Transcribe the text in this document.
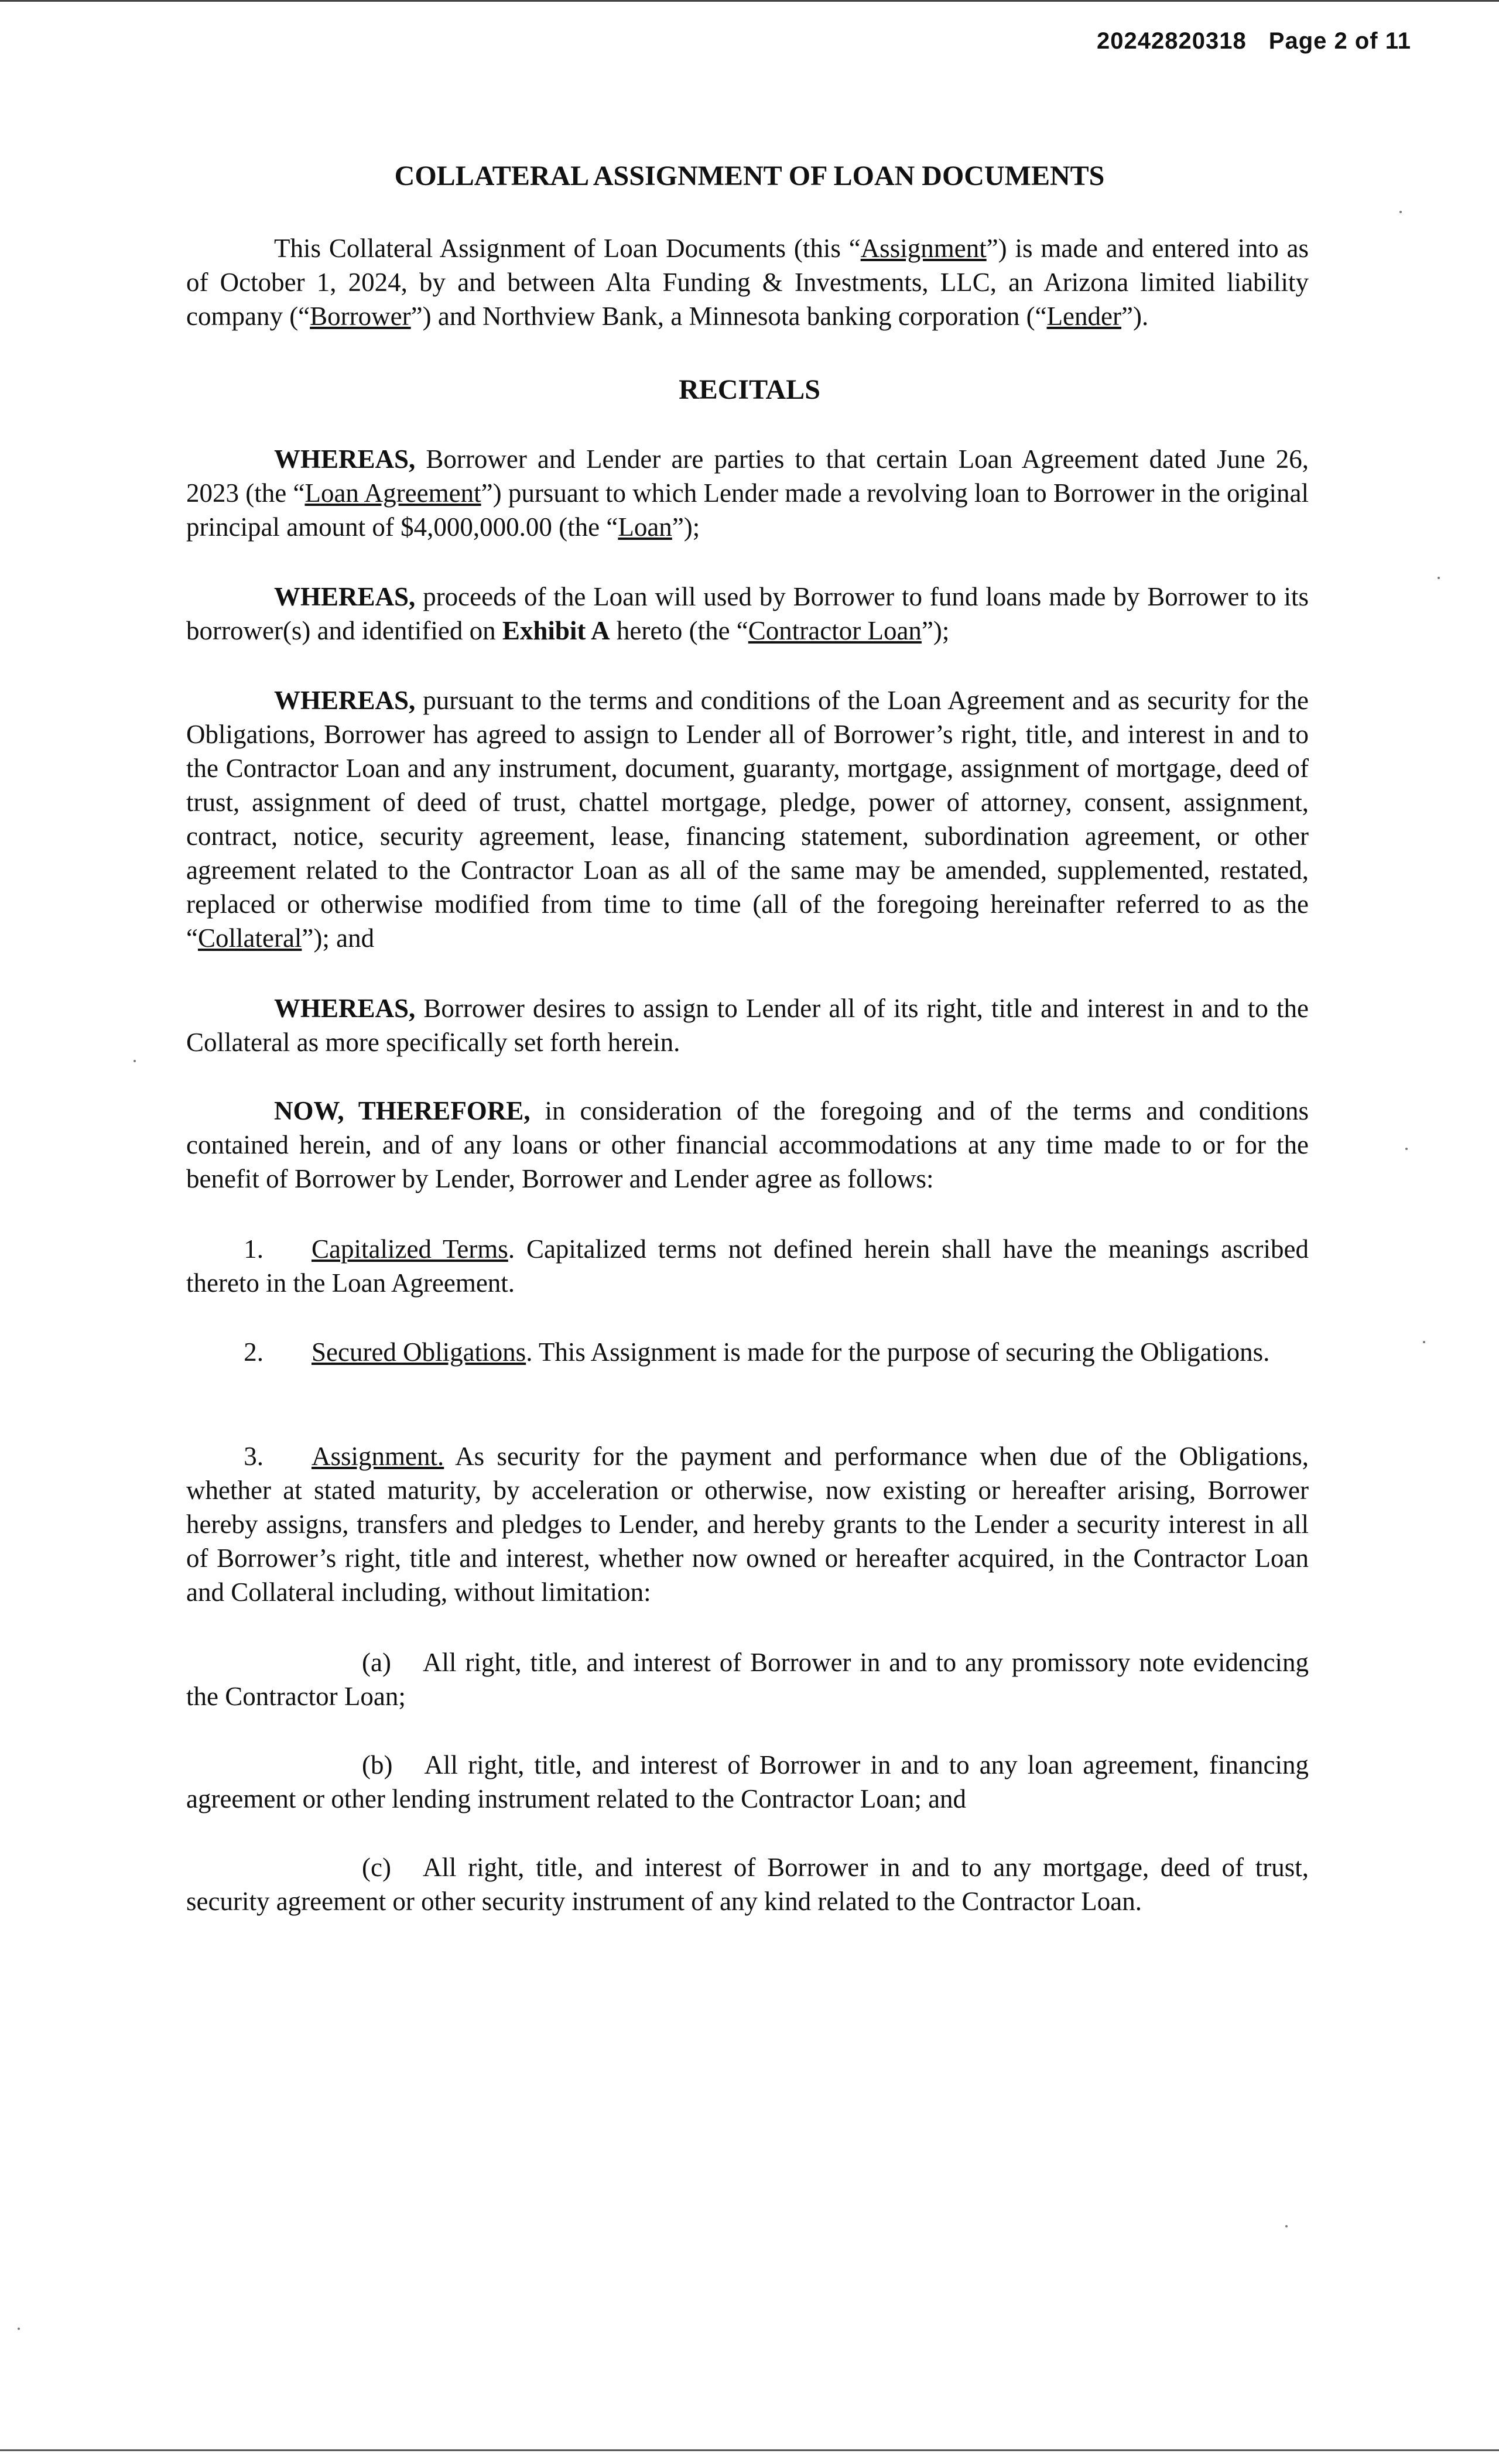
20242820318 Page 2 of 11
COLLATERAL ASSIGNMENT OF LOAN DOCUMENTS

This Collateral Assignment of Loan Documents (this “Assignment”) is made and entered into as of October 1, 2024, by and between Alta Funding & Investments, LLC, an Arizona limited liability company (“Borrower”) and Northview Bank, a Minnesota banking corporation (“Lender”).

RECITALS

WHEREAS, Borrower and Lender are parties to that certain Loan Agreement dated June 26, 2023 (the “Loan Agreement”) pursuant to which Lender made a revolving loan to Borrower in the original principal amount of $4,000,000.00 (the “Loan”);

WHEREAS, proceeds of the Loan will used by Borrower to fund loans made by Borrower to its borrower(s) and identified on Exhibit A hereto (the “Contractor Loan”);

WHEREAS, pursuant to the terms and conditions of the Loan Agreement and as security for the Obligations, Borrower has agreed to assign to Lender all of Borrower’s right, title, and interest in and to the Contractor Loan and any instrument, document, guaranty, mortgage, assignment of mortgage, deed of trust, assignment of deed of trust, chattel mortgage, pledge, power of attorney, consent, assignment, contract, notice, security agreement, lease, financing statement, subordination agreement, or other agreement related to the Contractor Loan as all of the same may be amended, supplemented, restated, replaced or otherwise modified from time to time (all of the foregoing hereinafter referred to as the “Collateral”); and

WHEREAS, Borrower desires to assign to Lender all of its right, title and interest in and to the Collateral as more specifically set forth herein.

NOW, THEREFORE, in consideration of the foregoing and of the terms and conditions contained herein, and of any loans or other financial accommodations at any time made to or for the benefit of Borrower by Lender, Borrower and Lender agree as follows:

1. Capitalized Terms. Capitalized terms not defined herein shall have the meanings ascribed thereto in the Loan Agreement.

2. Secured Obligations. This Assignment is made for the purpose of securing the Obligations.

3. Assignment. As security for the payment and performance when due of the Obligations, whether at stated maturity, by acceleration or otherwise, now existing or hereafter arising, Borrower hereby assigns, transfers and pledges to Lender, and hereby grants to the Lender a security interest in all of Borrower’s right, title and interest, whether now owned or hereafter acquired, in the Contractor Loan and Collateral including, without limitation:

(a) All right, title, and interest of Borrower in and to any promissory note evidencing the Contractor Loan;

(b) All right, title, and interest of Borrower in and to any loan agreement, financing agreement or other lending instrument related to the Contractor Loan; and

(c) All right, title, and interest of Borrower in and to any mortgage, deed of trust, security agreement or other security instrument of any kind related to the Contractor Loan.
